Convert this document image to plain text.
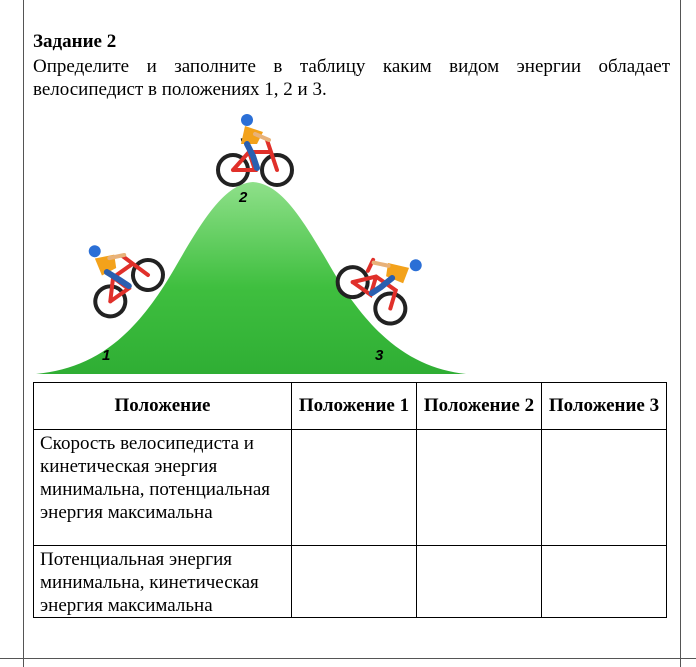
Задание 2
Определите и заполните в таблицу каким видом энергии обладает велосипедист в положениях 1, 2 и 3.
1
2
3
Положение	Положение 1	Положение 2	Положение 3
Скорость велосипедиста и кинетическая энергия минимальна, потенциальная энергия максимальна			
Потенциальная энергия минимальна, кинетическая энергия максимальна			
